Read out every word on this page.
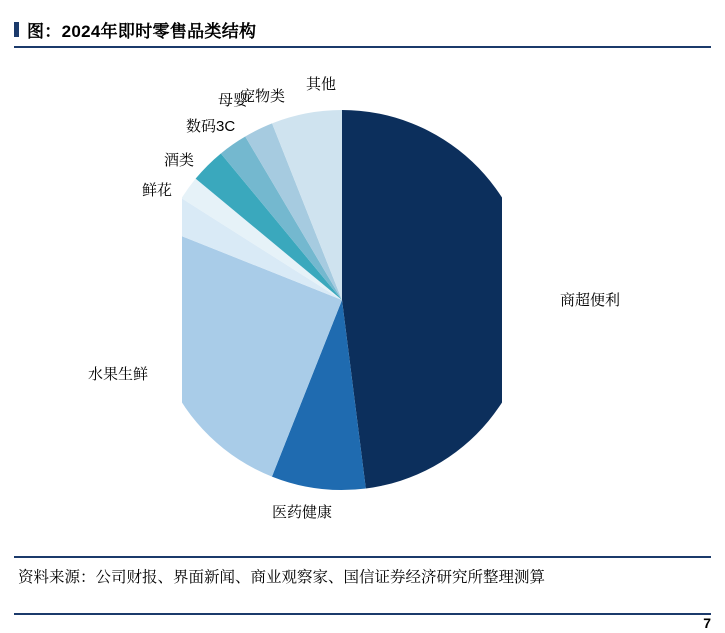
图：2024年即时零售品类结构
商超便利
医药健康
水果生鲜
鲜花
酒类
数码3C
母婴
宠物类
其他
资料来源：公司财报、界面新闻、商业观察家、国信证券经济研究所整理测算
7
